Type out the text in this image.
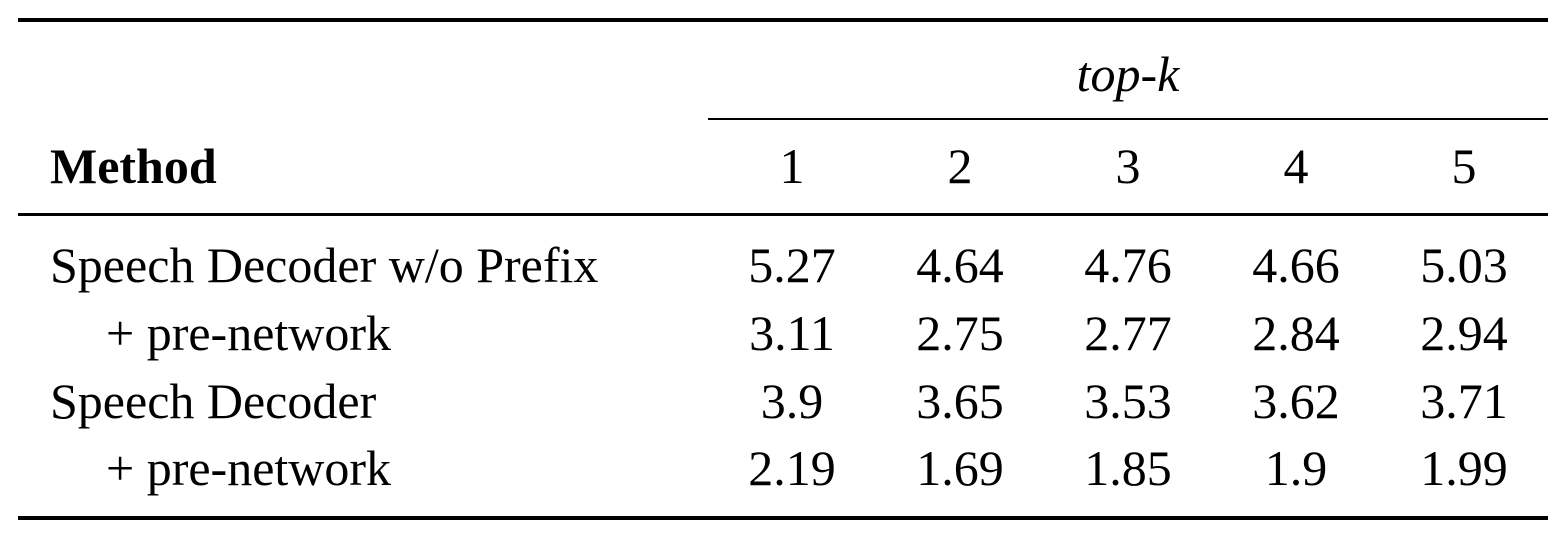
top-k
Method	1	2	3	4	5
Speech Decoder w/o Prefix	5.27	4.64	4.76	4.66	5.03
+ pre-network	3.11	2.75	2.77	2.84	2.94
Speech Decoder	3.9	3.65	3.53	3.62	3.71
+ pre-network	2.19	1.69	1.85	1.9	1.99
